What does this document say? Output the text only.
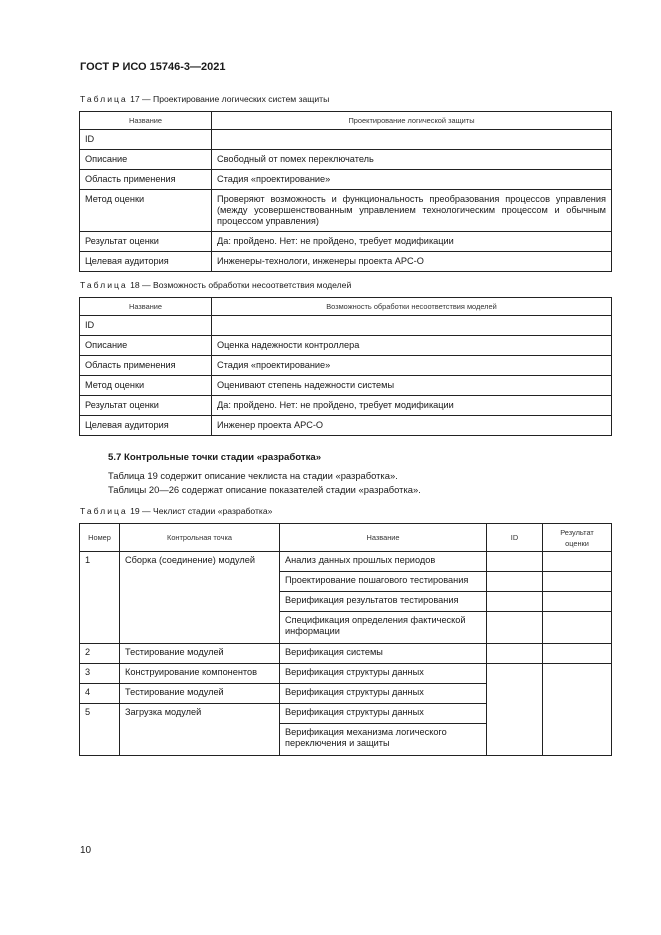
ГОСТ Р ИСО 15746-3—2021
Таблица 17 — Проектирование логических систем защиты
Название	Проектирование логической защиты
ID	
Описание	Свободный от помех переключатель
Область применения	Стадия «проектирование»
Метод оценки	Проверяют возможность и функциональность преобразования процессов управления (между усовершенствованным управлением технологическим процессом и обычным процессом управления)
Результат оценки	Да: пройдено. Нет: не пройдено, требует модификации
Целевая аудитория	Инженеры-технологи, инженеры проекта APC-O
Таблица 18 — Возможность обработки несоответствия моделей
Название	Возможность обработки несоответствия моделей
ID	
Описание	Оценка надежности контроллера
Область применения	Стадия «проектирование»
Метод оценки	Оценивают степень надежности системы
Результат оценки	Да: пройдено. Нет: не пройдено, требует модификации
Целевая аудитория	Инженер проекта APC-O
5.7 Контрольные точки стадии «разработка»
Таблица 19 содержит описание чеклиста на стадии «разработка».
Таблицы 20—26 содержат описание показателей стадии «разработка».
Таблица 19 — Чеклист стадии «разработка»
Номер	Контрольная точка	Название	ID	Результат оценки
1	Сборка (соединение) модулей	Анализ данных прошлых периодов		
		Проектирование пошагового тестирования		
		Верификация результатов тестирования		
		Спецификация определения фактической информации		
2	Тестирование модулей	Верификация системы		
3	Конструирование компонентов	Верификация структуры данных		
4	Тестирование модулей	Верификация структуры данных		
5	Загрузка модулей	Верификация структуры данных		
		Верификация механизма логического переключения и защиты		
10
